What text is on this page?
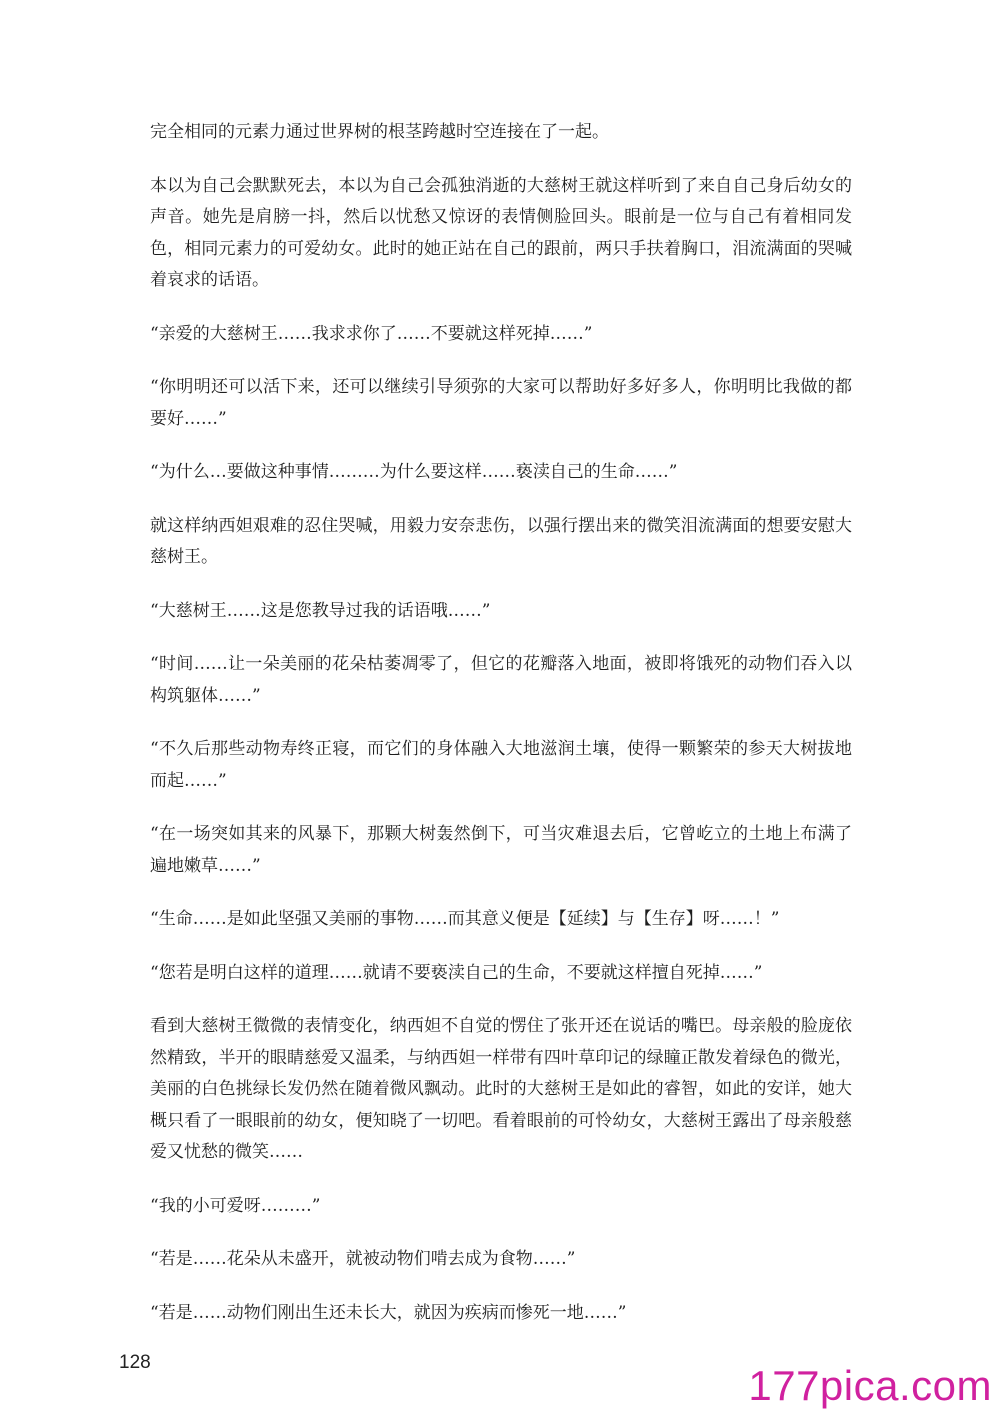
完全相同的元素力通过世界树的根茎跨越时空连接在了一起。

本以为自己会默默死去，本以为自己会孤独消逝的大慈树王就这样听到了来自自己身后幼女的声音。她先是肩膀一抖，然后以忧愁又惊讶的表情侧脸回头。眼前是一位与自己有着相同发色，相同元素力的可爱幼女。此时的她正站在自己的跟前，两只手扶着胸口，泪流满面的哭喊着哀求的话语。

“亲爱的大慈树王……我求求你了……不要就这样死掉……”

“你明明还可以活下来，还可以继续引导须弥的大家可以帮助好多好多人，你明明比我做的都要好……”

“为什么…要做这种事情………为什么要这样……亵渎自己的生命……”

就这样纳西妲艰难的忍住哭喊，用毅力安奈悲伤，以强行摆出来的微笑泪流满面的想要安慰大慈树王。

“大慈树王……这是您教导过我的话语哦……”

“时间……让一朵美丽的花朵枯萎凋零了，但它的花瓣落入地面，被即将饿死的动物们吞入以构筑躯体……”

“不久后那些动物寿终正寝，而它们的身体融入大地滋润土壤，使得一颗繁荣的参天大树拔地而起……”

“在一场突如其来的风暴下，那颗大树轰然倒下，可当灾难退去后，它曾屹立的土地上布满了遍地嫩草……”

“生命……是如此坚强又美丽的事物……而其意义便是【延续】与【生存】呀……！”

“您若是明白这样的道理……就请不要亵渎自己的生命，不要就这样擅自死掉……”

看到大慈树王微微的表情变化，纳西妲不自觉的愣住了张开还在说话的嘴巴。母亲般的脸庞依然精致，半开的眼睛慈爱又温柔，与纳西妲一样带有四叶草印记的绿瞳正散发着绿色的微光，美丽的白色挑绿长发仍然在随着微风飘动。此时的大慈树王是如此的睿智，如此的安详，她大概只看了一眼眼前的幼女，便知晓了一切吧。看着眼前的可怜幼女，大慈树王露出了母亲般慈爱又忧愁的微笑……

“我的小可爱呀………”

“若是……花朵从未盛开，就被动物们啃去成为食物……”

“若是……动物们刚出生还未长大，就因为疾病而惨死一地……”

128	177pica.com
